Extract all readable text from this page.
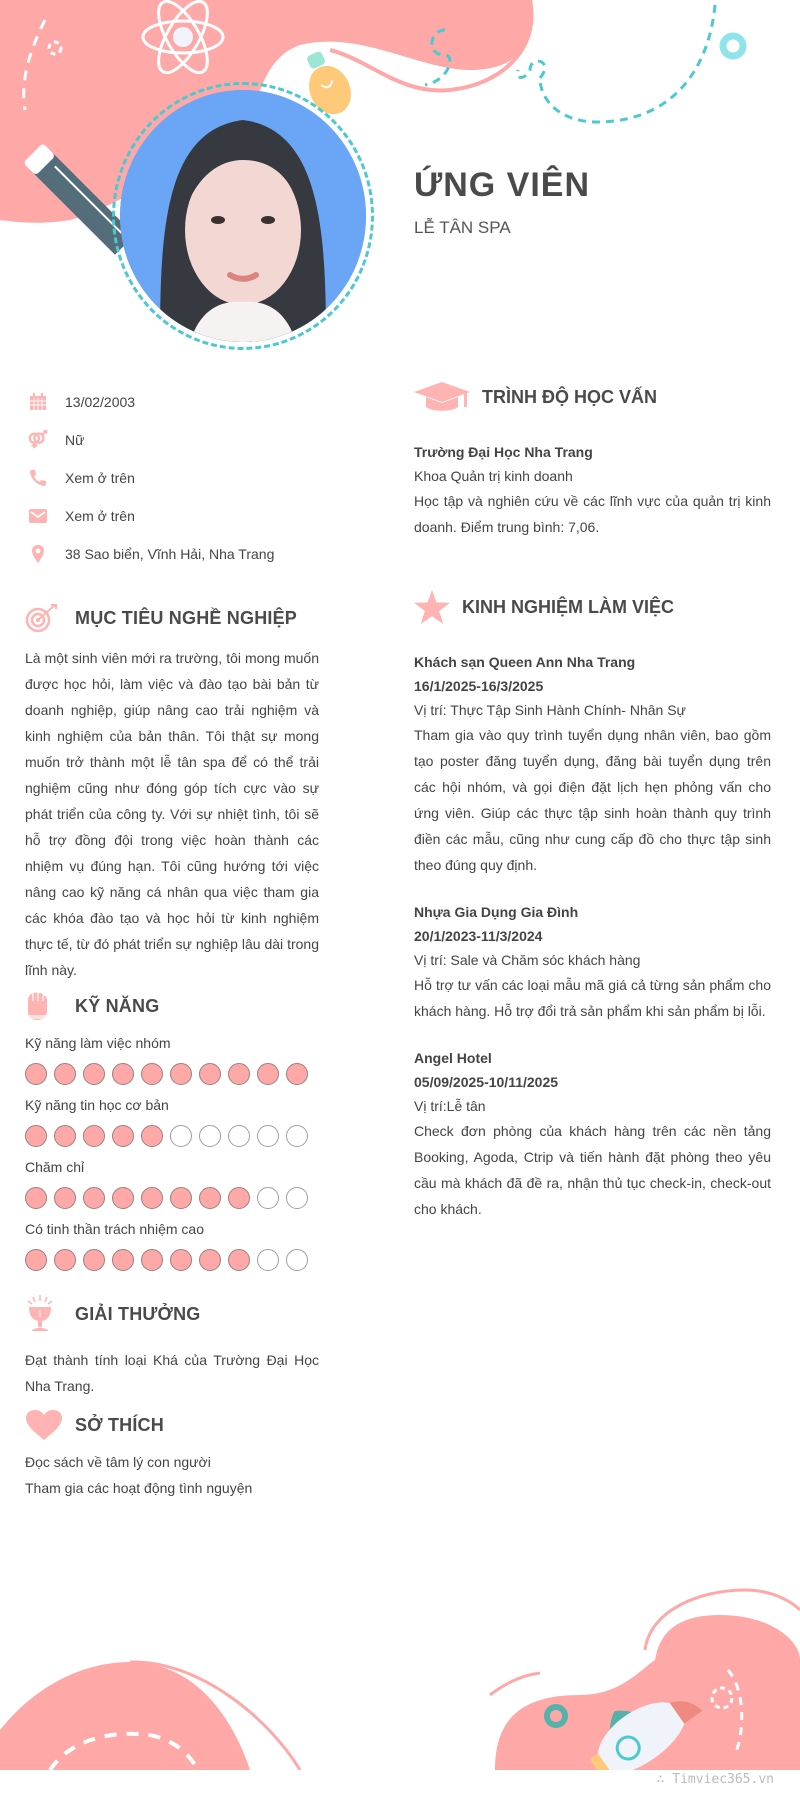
ỨNG VIÊN
LỄ TÂN SPA
13/02/2003
Nữ
Xem ở trên
Xem ở trên
38 Sao biển, Vĩnh Hải, Nha Trang
MỤC TIÊU NGHỀ NGHIỆP

Là một sinh viên mới ra trường, tôi mong muốn được học hỏi, làm việc và đào tạo bài bản từ doanh nghiệp, giúp nâng cao trải nghiệm và kinh nghiệm của bản thân. Tôi thật sự mong muốn trở thành một lễ tân spa để có thể trải nghiệm cũng như đóng góp tích cực vào sự phát triển của công ty. Với sự nhiệt tình, tôi sẽ hỗ trợ đồng đội trong việc hoàn thành các nhiệm vụ đúng hạn. Tôi cũng hướng tới việc nâng cao kỹ năng cá nhân qua việc tham gia các khóa đào tạo và học hỏi từ kinh nghiệm thực tế, từ đó phát triển sự nghiệp lâu dài trong lĩnh này.

KỸ NĂNG
Kỹ năng làm việc nhóm
Kỹ năng tin học cơ bản
Chăm chỉ
Có tinh thần trách nhiệm cao
1 GIẢI THƯỞNG

Đạt thành tính loại Khá của Trường Đại Học Nha Trang.

SỞ THÍCH
Đọc sách về tâm lý con người
Tham gia các hoạt động tình nguyện
TRÌNH ĐỘ HỌC VẤN
Trường Đại Học Nha Trang
Khoa Quản trị kinh doanh

Học tập và nghiên cứu về các lĩnh vực của quản trị kinh doanh. Điểm trung bình: 7,06.

KINH NGHIỆM LÀM VIỆC
Khách sạn Queen Ann Nha Trang
16/1/2025-16/3/2025
Vị trí: Thực Tập Sinh Hành Chính- Nhân Sự

Tham gia vào quy trình tuyển dụng nhân viên, bao gồm tạo poster đăng tuyển dụng, đăng bài tuyển dụng trên các hội nhóm, và gọi điện đặt lịch hẹn phỏng vấn cho ứng viên. Giúp các thực tập sinh hoàn thành quy trình điền các mẫu, cũng như cung cấp đồ cho thực tập sinh theo đúng quy định.

Nhựa Gia Dụng Gia Đình
20/1/2023-11/3/2024
Vị trí: Sale và Chăm sóc khách hàng

Hỗ trợ tư vấn các loại mẫu mã giá cả từng sản phẩm cho khách hàng. Hỗ trợ đổi trả sản phẩm khi sản phẩm bị lỗi.

Angel Hotel
05/09/2025-10/11/2025
Vị trí:Lễ tân

Check đơn phòng của khách hàng trên các nền tảng Booking, Agoda, Ctrip và tiến hành đặt phòng theo yêu cầu mà khách đã đề ra, nhận thủ tục check-in, check-out cho khách.

∴ Timviec365.vn
